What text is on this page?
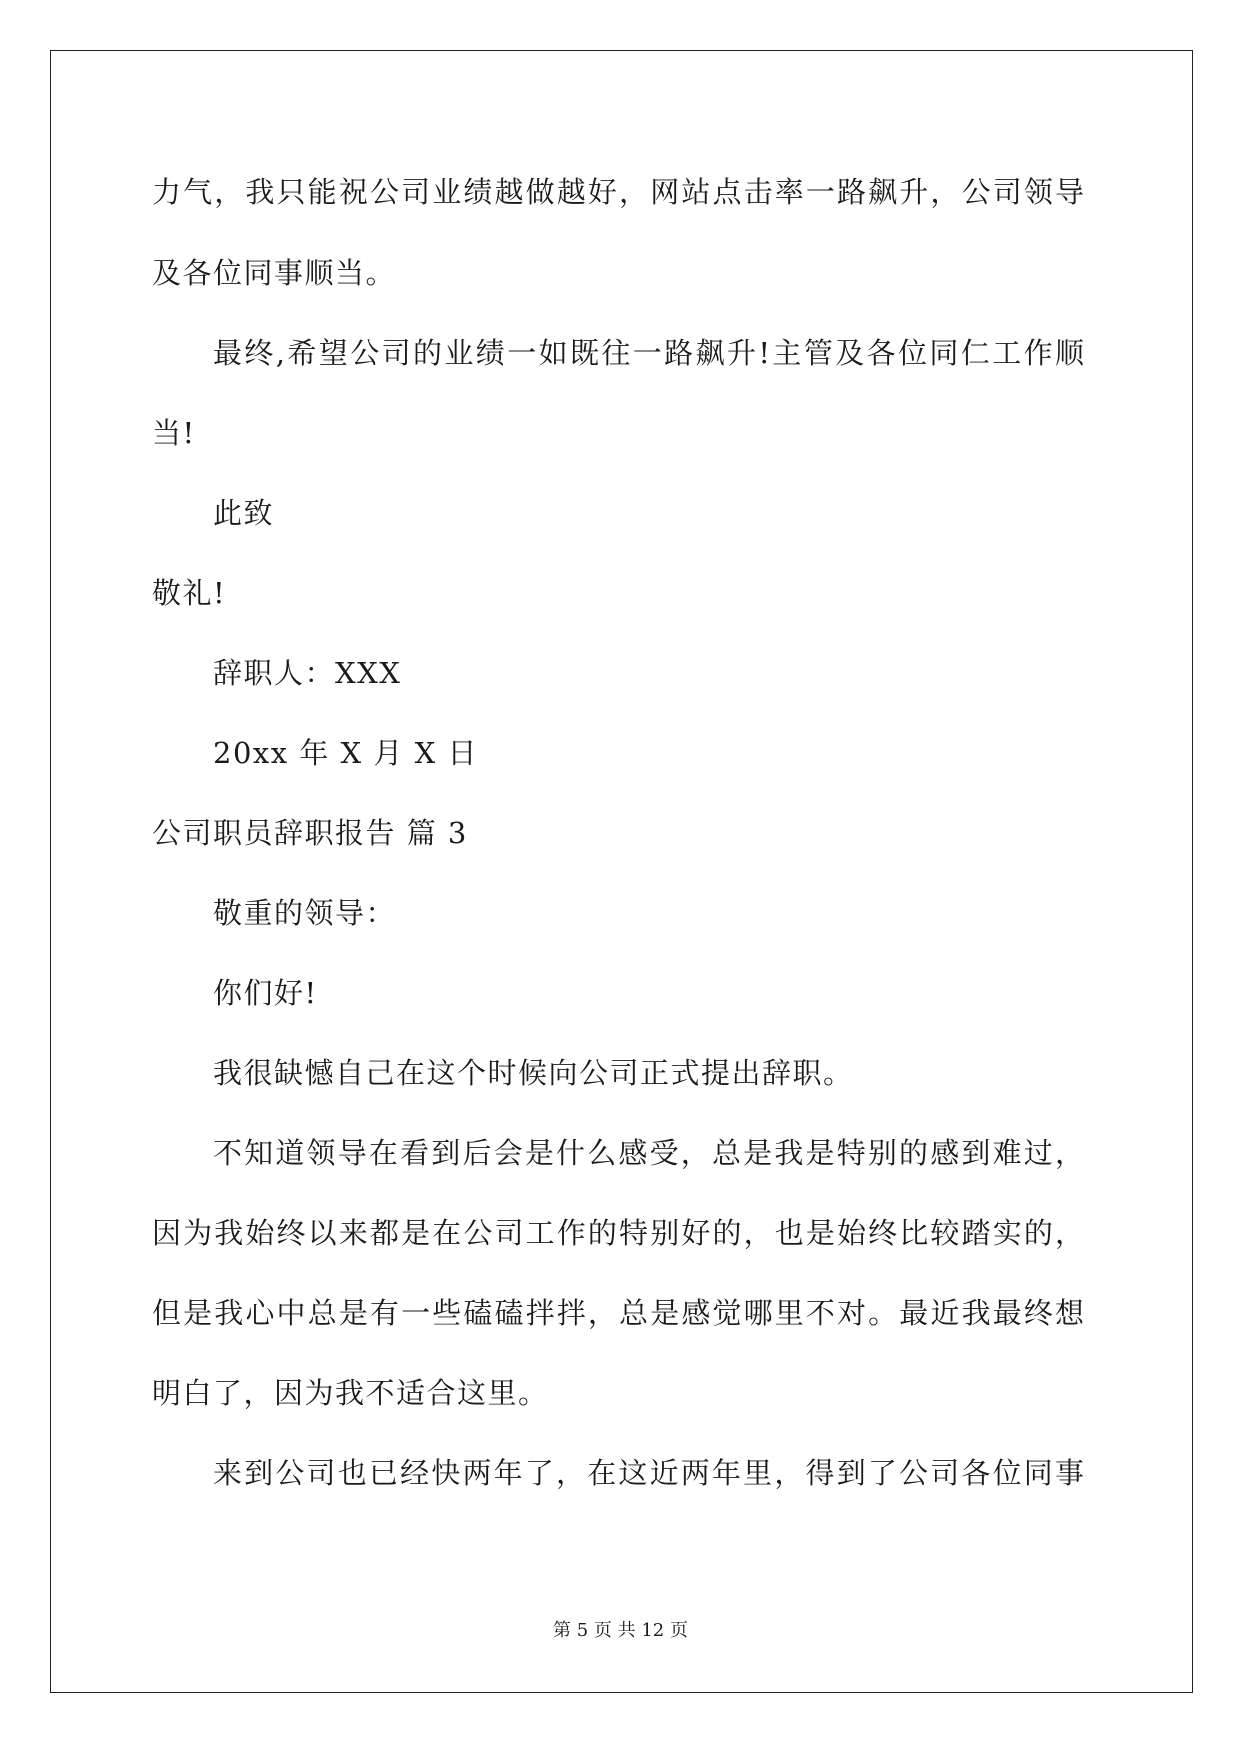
力气，我只能祝公司业绩越做越好，网站点击率一路飙升，公司领导
及各位同事顺当。
最终,希望公司的业绩一如既往一路飙升!主管及各位同仁工作顺
当!
此致
敬礼!
辞职人：XXX
20xx 年 X 月 X 日
公司职员辞职报告 篇 3
敬重的领导：
你们好!
我很缺憾自己在这个时候向公司正式提出辞职。
不知道领导在看到后会是什么感受，总是我是特别的感到难过，
因为我始终以来都是在公司工作的特别好的，也是始终比较踏实的，
但是我心中总是有一些磕磕拌拌，总是感觉哪里不对。最近我最终想
明白了，因为我不适合这里。
来到公司也已经快两年了，在这近两年里，得到了公司各位同事
第 5 页 共 12 页
